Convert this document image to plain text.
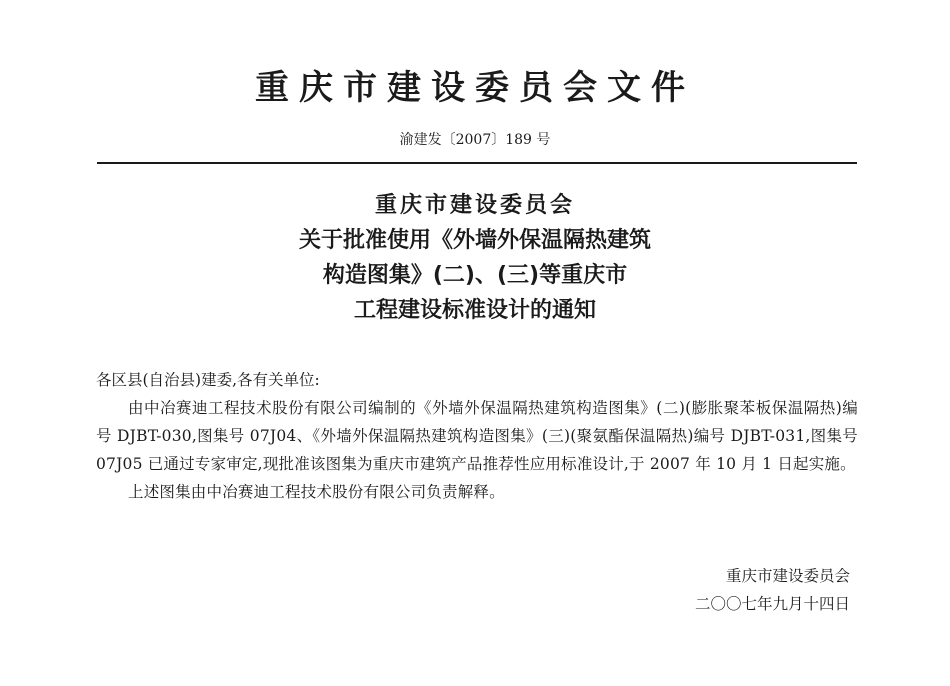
重庆市建设委员会文件
渝建发〔2007〕189 号
重庆市建设委员会
关于批准使用《外墙外保温隔热建筑
构造图集》(二)、(三)等重庆市
工程建设标准设计的通知

各区县(自治县)建委,各有关单位:

由中冶赛迪工程技术股份有限公司编制的《外墙外保温隔热建筑构造图集》(二)(膨胀聚苯板保温隔热)编号 DJBT-030,图集号 07J04、《外墙外保温隔热建筑构造图集》(三)(聚氨酯保温隔热)编号 DJBT-031,图集号 07J05 已通过专家审定,现批准该图集为重庆市建筑产品推荐性应用标准设计,于 2007 年 10 月 1 日起实施。

上述图集由中冶赛迪工程技术股份有限公司负责解释。

重庆市建设委员会
二〇〇七年九月十四日
